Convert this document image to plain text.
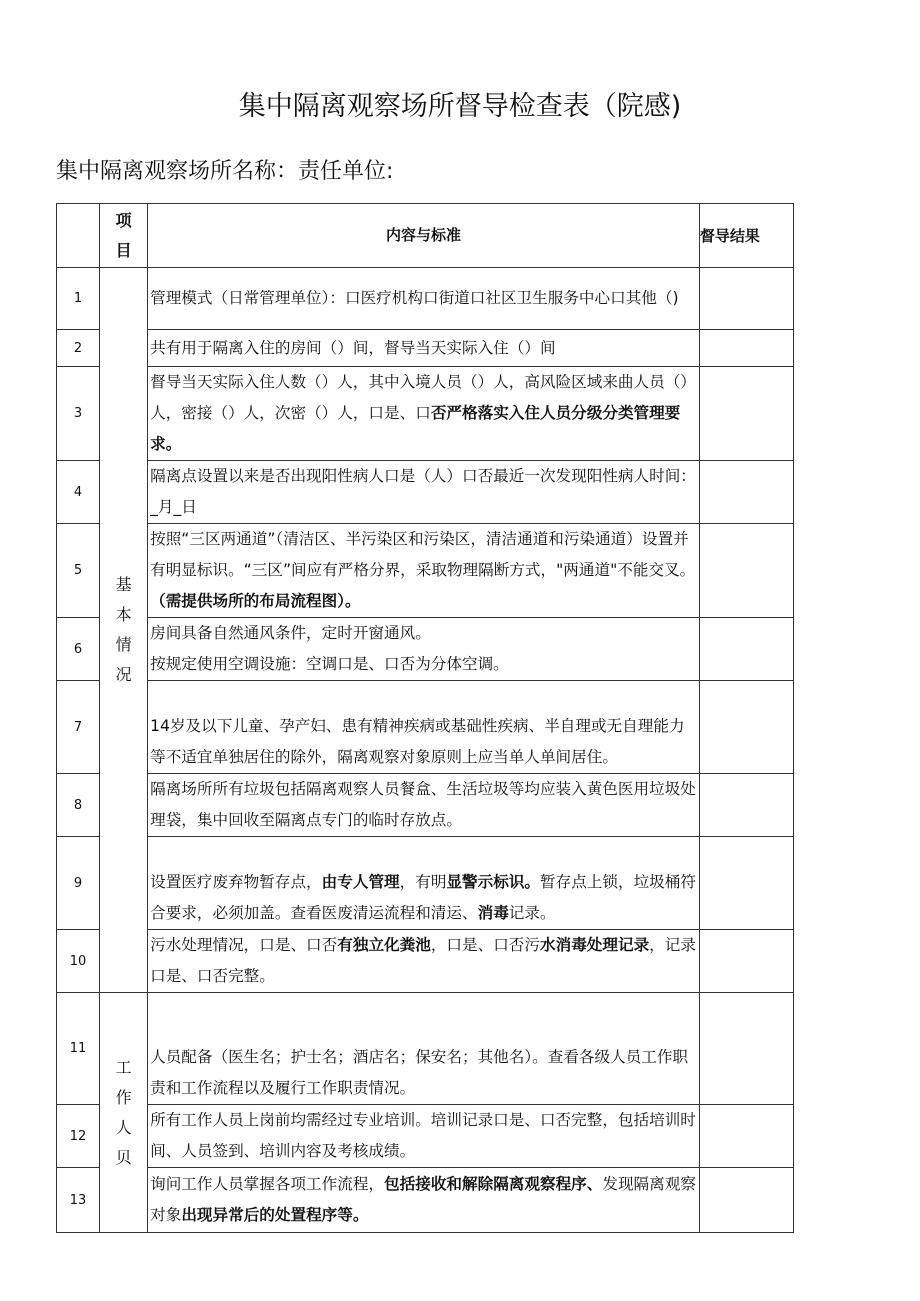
集中隔离观察场所督导检查表（院感)
集中隔离观察场所名称：责任单位:
	项目	内容与标准	督导结果
1	基本情况	管理模式（日常管理单位）：口医疗机构口街道口社区卫生服务中心口其他（)	
2		共有用于隔离入住的房间（）间，督导当天实际入住（）间	
3		督导当天实际入住人数（）人，其中入境人员（）人，高风险区域来曲人员（）人，密接（）人，次密（）人，口是、口否严格落实入住人员分级分类管理要求。	
4		隔离点设置以来是否出现阳性病人口是（人）口否最近一次发现阳性病人时间：_月_日	
5		按照“三区两通道”（清洁区、半污染区和污染区，清洁通道和污染通道）设置并有明显标识。“三区”间应有严格分界，采取物理隔断方式，"两通道"不能交叉。（需提供场所的布局流程图）。	
6		房间具备自然通风条件，定时开窗通风。
按规定使用空调设施：空调口是、口否为分体空调。	

7		14岁及以下儿童、孕产妇、患有精神疾病或基础性疾病、半自理或无自理能力等不适宜单独居住的除外，隔离观察对象原则上应当单人单间居住。	
8		隔离场所所有垃圾包括隔离观察人员餐盒、生活垃圾等均应装入黄色医用垃圾处理袋，集中回收至隔离点专门的临时存放点。	
9		设置医疗废弃物暂存点，由专人管理，有明显警示标识。暂存点上锁，垃圾桶符合要求，必须加盖。查看医废清运流程和清运、消毒记录。	
10		污水处理情况，口是、口否有独立化粪池，口是、口否污水消毒处理记录，记录口是、口否完整。	
11	工作人贝	人员配备（医生名；护士名；酒店名；保安名；其他名）。查看各级人员工作职责和工作流程以及履行工作职责情况。	
12		所有工作人员上岗前均需经过专业培训。培训记录口是、口否完整，包括培训时间、人员签到、培训内容及考核成绩。	
13		询问工作人员掌握各项工作流程，包括接收和解除隔离观察程序、发现隔离观察对象出现异常后的处置程序等。	
